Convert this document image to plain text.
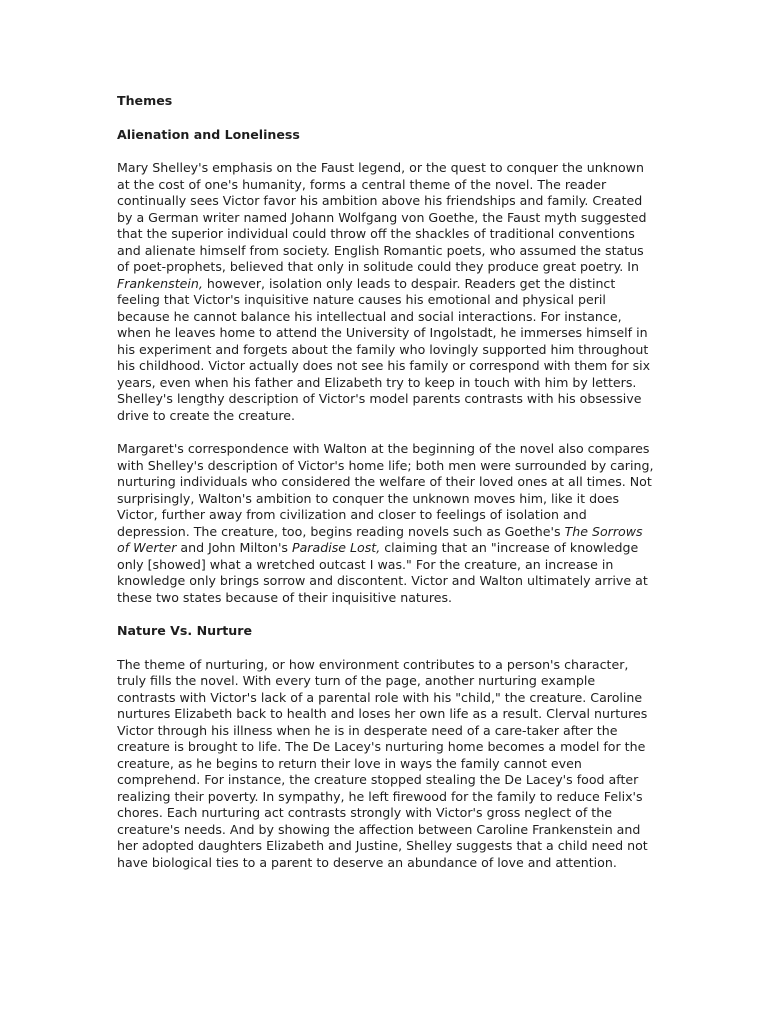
Themes
Alienation and Loneliness

Mary Shelley's emphasis on the Faust legend, or the quest to conquer the unknown at the cost of one's humanity, forms a central theme of the novel. The reader continually sees Victor favor his ambition above his friendships and family. Created by a German writer named Johann Wolfgang von Goethe, the Faust myth suggested that the superior individual could throw off the shackles of traditional conventions and alienate himself from society. English Romantic poets, who assumed the status of poet-prophets, believed that only in solitude could they produce great poetry. In Frankenstein, however, isolation only leads to despair. Readers get the distinct feeling that Victor's inquisitive nature causes his emotional and physical peril because he cannot balance his intellectual and social interactions. For instance, when he leaves home to attend the University of Ingolstadt, he immerses himself in his experiment and forgets about the family who lovingly supported him throughout his childhood. Victor actually does not see his family or correspond with them for six years, even when his father and Elizabeth try to keep in touch with him by letters. Shelley's lengthy description of Victor's model parents contrasts with his obsessive drive to create the creature.

Margaret's correspondence with Walton at the beginning of the novel also compares with Shelley's description of Victor's home life; both men were surrounded by caring, nurturing individuals who considered the welfare of their loved ones at all times. Not surprisingly, Walton's ambition to conquer the unknown moves him, like it does Victor, further away from civilization and closer to feelings of isolation and depression. The creature, too, begins reading novels such as Goethe's The Sorrows of Werter and John Milton's Paradise Lost, claiming that an "increase of knowledge only [showed] what a wretched outcast I was." For the creature, an increase in knowledge only brings sorrow and discontent. Victor and Walton ultimately arrive at these two states because of their inquisitive natures.

Nature Vs. Nurture

The theme of nurturing, or how environment contributes to a person's character, truly fills the novel. With every turn of the page, another nurturing example contrasts with Victor's lack of a parental role with his "child," the creature. Caroline nurtures Elizabeth back to health and loses her own life as a result. Clerval nurtures Victor through his illness when he is in desperate need of a care-taker after the creature is brought to life. The De Lacey's nurturing home becomes a model for the creature, as he begins to return their love in ways the family cannot even comprehend. For instance, the creature stopped stealing the De Lacey's food after realizing their poverty. In sympathy, he left firewood for the family to reduce Felix's chores. Each nurturing act contrasts strongly with Victor's gross neglect of the creature's needs. And by showing the affection between Caroline Frankenstein and her adopted daughters Elizabeth and Justine, Shelley suggests that a child need not have biological ties to a parent to deserve an abundance of love and attention.
